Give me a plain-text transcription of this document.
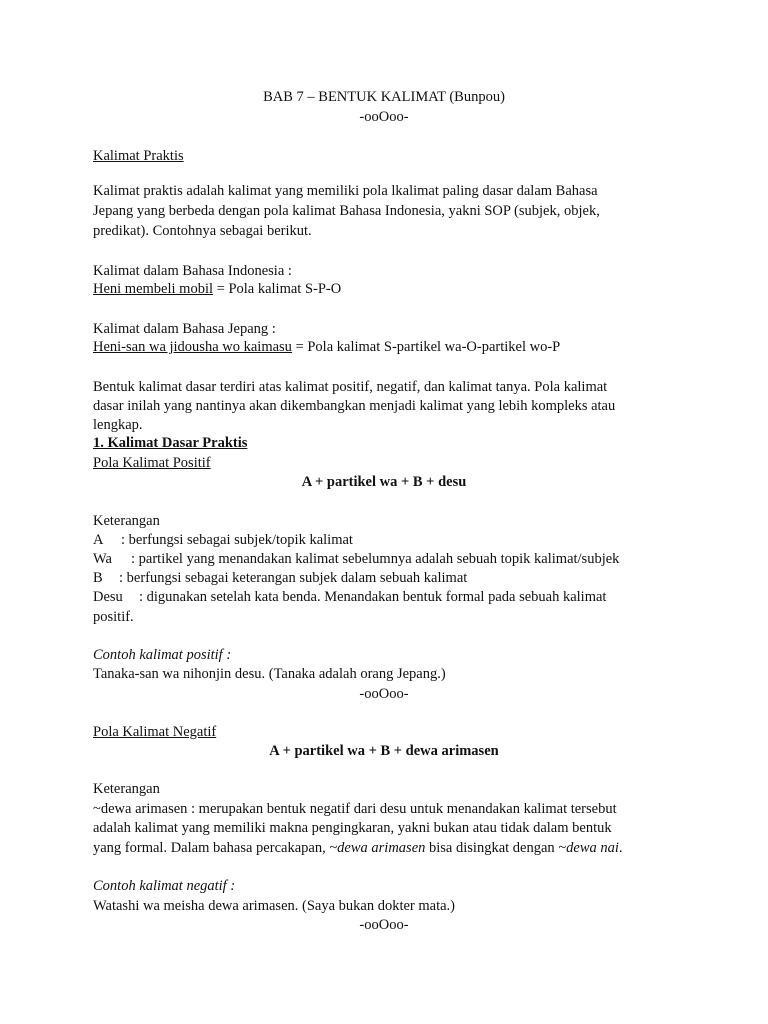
BAB 7 – BENTUK KALIMAT (Bunpou)
-ooOoo-
Kalimat Praktis
Kalimat praktis adalah kalimat yang memiliki pola lkalimat paling dasar dalam Bahasa
Jepang yang berbeda dengan pola kalimat Bahasa Indonesia, yakni SOP (subjek, objek,
predikat). Contohnya sebagai berikut.
Kalimat dalam Bahasa Indonesia :
Heni membeli mobil = Pola kalimat S-P-O
Kalimat dalam Bahasa Jepang :
Heni-san wa jidousha wo kaimasu = Pola kalimat S-partikel wa-O-partikel wo-P
Bentuk kalimat dasar terdiri atas kalimat positif, negatif, dan kalimat tanya. Pola kalimat
dasar inilah yang nantinya akan dikembangkan menjadi kalimat yang lebih kompleks atau
lengkap.
1. Kalimat Dasar Praktis
Pola Kalimat Positif
A + partikel wa + B + desu
Keterangan
A : berfungsi sebagai subjek/topik kalimat
Wa : partikel yang menandakan kalimat sebelumnya adalah sebuah topik kalimat/subjek
B : berfungsi sebagai keterangan subjek dalam sebuah kalimat
Desu : digunakan setelah kata benda. Menandakan bentuk formal pada sebuah kalimat
positif.
Contoh kalimat positif :
Tanaka-san wa nihonjin desu. (Tanaka adalah orang Jepang.)
-ooOoo-
Pola Kalimat Negatif
A + partikel wa + B + dewa arimasen
Keterangan
~dewa arimasen : merupakan bentuk negatif dari desu untuk menandakan kalimat tersebut
adalah kalimat yang memiliki makna pengingkaran, yakni bukan atau tidak dalam bentuk
yang formal. Dalam bahasa percakapan, ~dewa arimasen bisa disingkat dengan ~dewa nai.
Contoh kalimat negatif :
Watashi wa meisha dewa arimasen. (Saya bukan dokter mata.)
-ooOoo-
